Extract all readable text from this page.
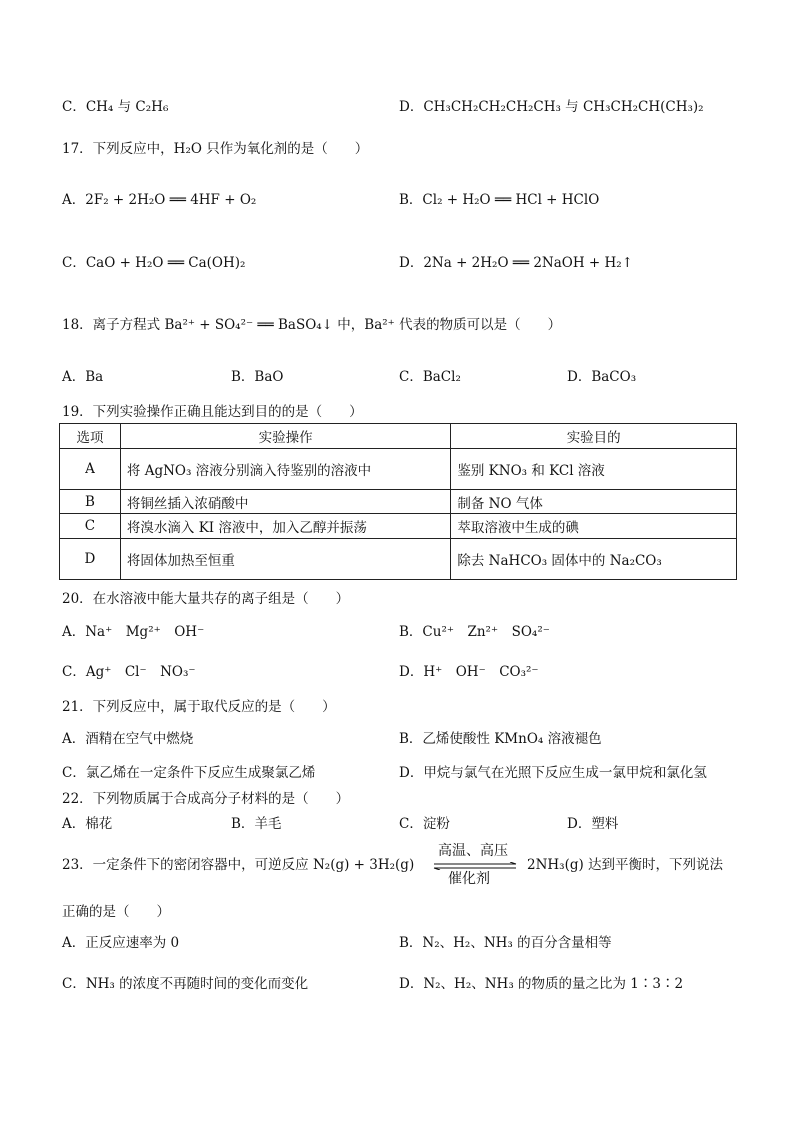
C．CH₄ 与 C₂H₆	D．CH₃CH₂CH₂CH₂CH₃ 与 CH₃CH₂CH(CH₃)₂
17．下列反应中，H₂O 只作为氧化剂的是（　　）
A．2F₂ + 2H₂O ══ 4HF + O₂	B．Cl₂ + H₂O ══ HCl + HClO
C．CaO + H₂O ══ Ca(OH)₂	D．2Na + 2H₂O ══ 2NaOH + H₂↑
18．离子方程式 Ba²⁺ + SO₄²⁻ ══ BaSO₄↓ 中，Ba²⁺ 代表的物质可以是（　　）
A．Ba	B．BaO	C．BaCl₂	D．BaCO₃
19．下列实验操作正确且能达到目的的是（　　）
选项	实验操作	实验目的
A	将 AgNO₃ 溶液分别滴入待鉴别的溶液中	鉴别 KNO₃ 和 KCl 溶液
B	将铜丝插入浓硝酸中	制备 NO 气体
C	将溴水滴入 KI 溶液中，加入乙醇并振荡	萃取溶液中生成的碘
D	将固体加热至恒重	除去 NaHCO₃ 固体中的 Na₂CO₃
20．在水溶液中能大量共存的离子组是（　　）
A．Na⁺　Mg²⁺　OH⁻	B．Cu²⁺　Zn²⁺　SO₄²⁻
C．Ag⁺　Cl⁻　NO₃⁻	D．H⁺　OH⁻　CO₃²⁻
21．下列反应中，属于取代反应的是（　　）
A．酒精在空气中燃烧	B．乙烯使酸性 KMnO₄ 溶液褪色
C．氯乙烯在一定条件下反应生成聚氯乙烯	D．甲烷与氯气在光照下反应生成一氯甲烷和氯化氢
22．下列物质属于合成高分子材料的是（　　）
A．棉花	B．羊毛	C．淀粉	D．塑料
23．一定条件下的密闭容器中，可逆反应 N₂(g) + 3H₂(g)
高温、高压
催化剂
2NH₃(g) 达到平衡时，下列说法
正确的是（　　）
A．正反应速率为 0	B．N₂、H₂、NH₃ 的百分含量相等
C．NH₃ 的浓度不再随时间的变化而变化	D．N₂、H₂、NH₃ 的物质的量之比为 1∶3∶2
